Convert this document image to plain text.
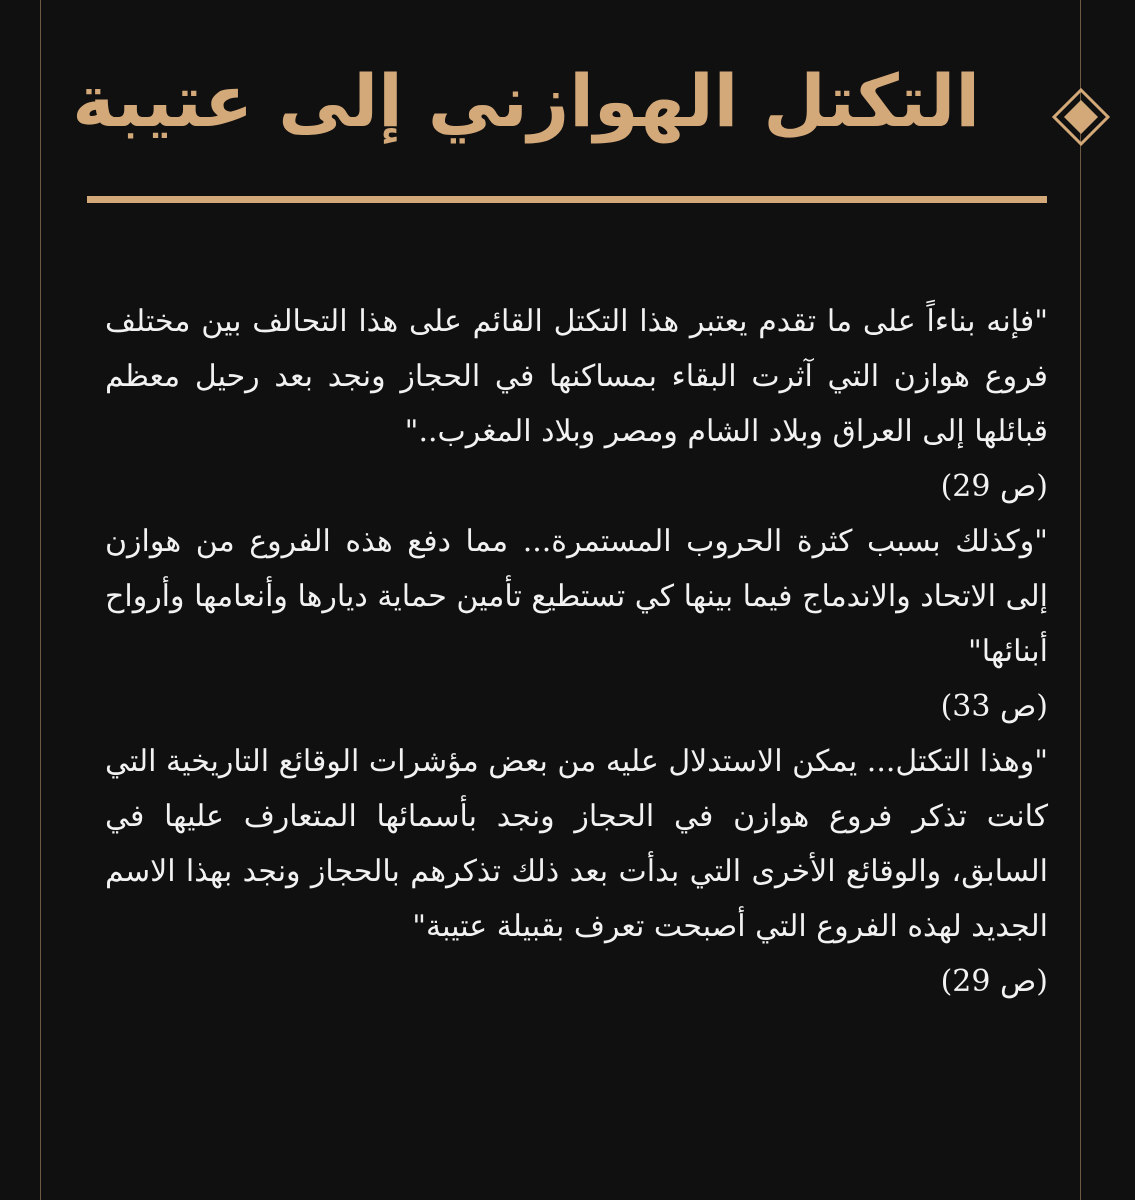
التكتل الهوازني إلى عتيبة

"فإنه بناءاً على ما تقدم يعتبر هذا التكتل القائم على هذا التحالف بين مختلف فروع هوازن التي آثرت البقاء بمساكنها في الحجاز ونجد بعد رحيل معظم قبائلها إلى العراق وبلاد الشام ومصر وبلاد المغرب.."

(ص 29)

"وكذلك بسبب كثرة الحروب المستمرة... مما دفع هذه الفروع من هوازن إلى الاتحاد والاندماج فيما بينها كي تستطيع تأمين حماية ديارها وأنعامها وأرواح أبنائها"

(ص 33)

"وهذا التكتل... يمكن الاستدلال عليه من بعض مؤشرات الوقائع التاريخية التي كانت تذكر فروع هوازن في الحجاز ونجد بأسمائها المتعارف عليها في السابق، والوقائع الأخرى التي بدأت بعد ذلك تذكرهم بالحجاز ونجد بهذا الاسم الجديد لهذه الفروع التي أصبحت تعرف بقبيلة عتيبة"

(ص 29)
